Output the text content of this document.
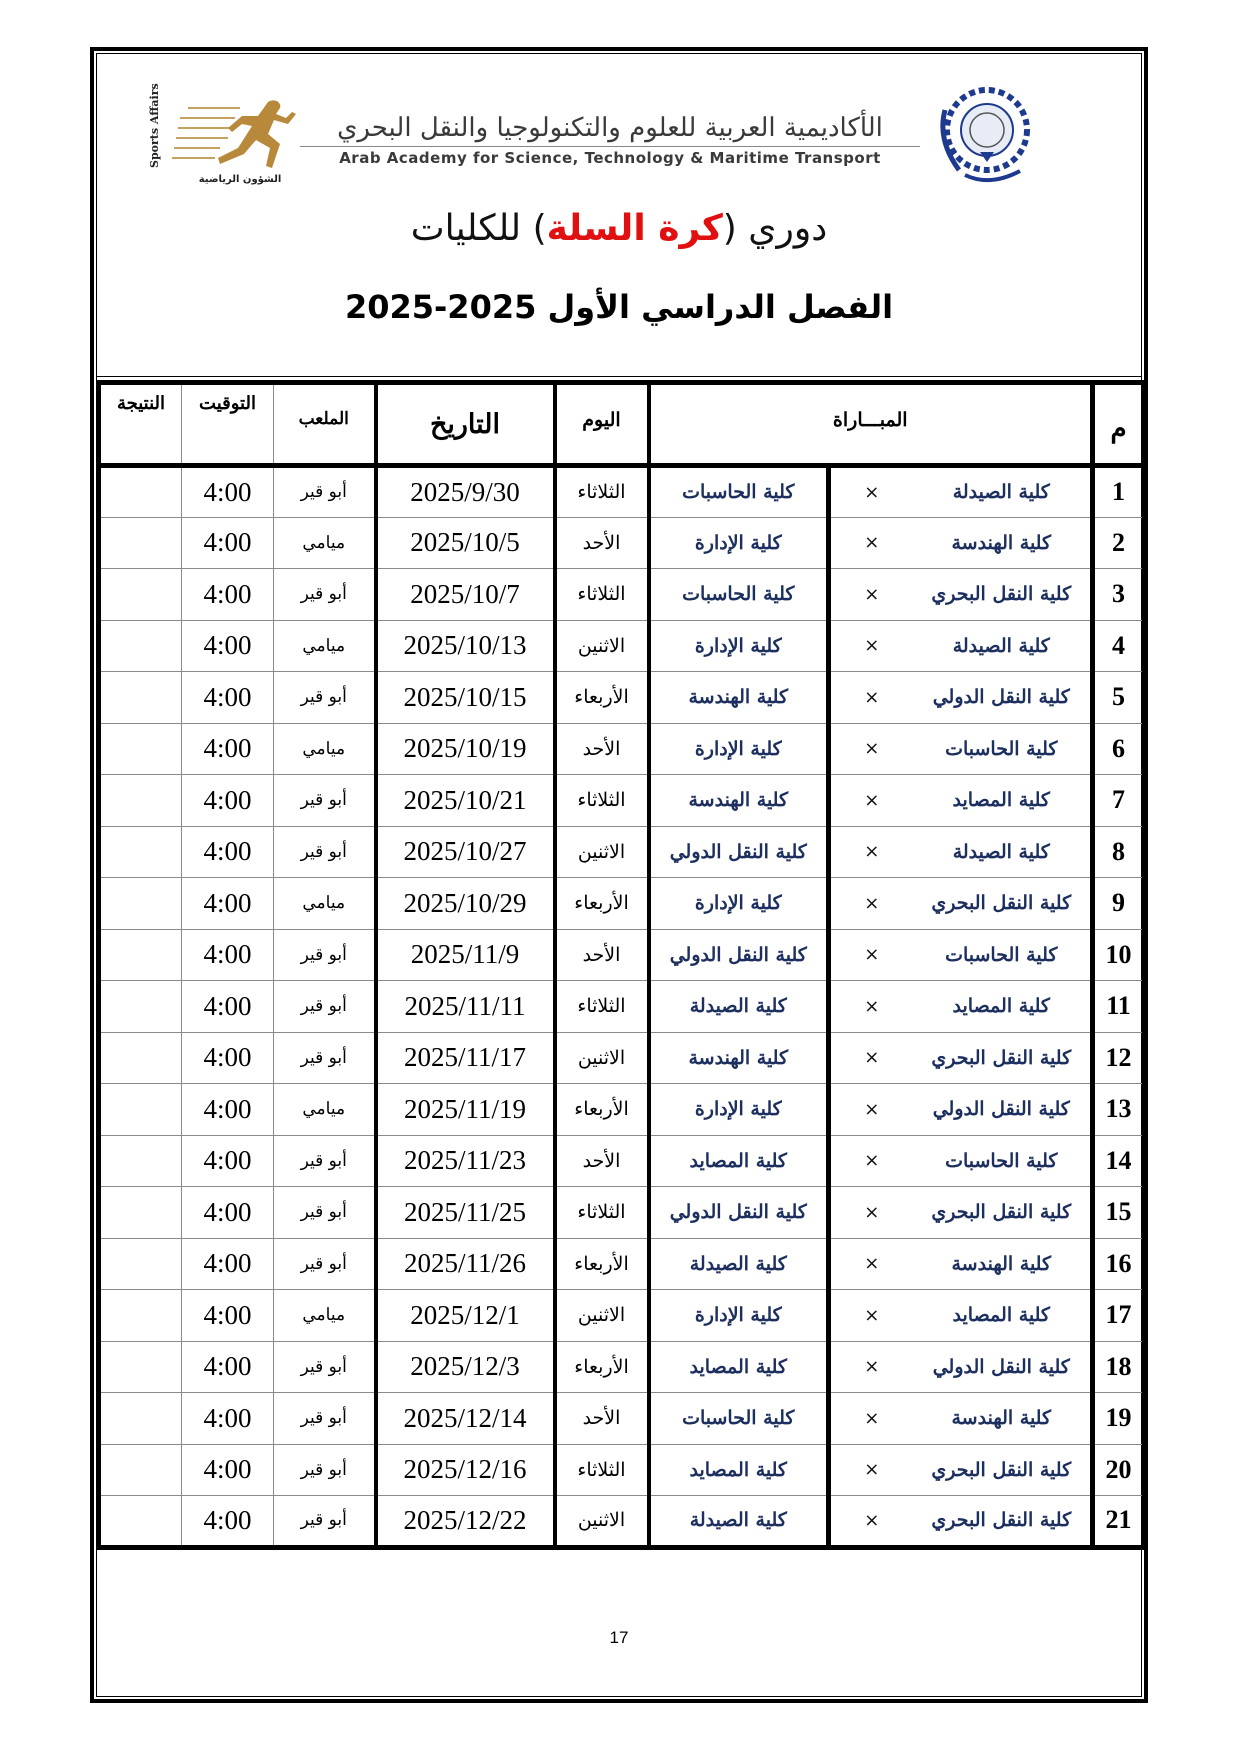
Sports Affairs
الشؤون الرياضية
الأكاديمية العربية للعلوم والتكنولوجيا والنقل البحري
Arab Academy for Science, Technology & Maritime Transport
دوري (كرة السلة) للكليات
الفصل الدراسي الأول 2025-2025
م	المبـــاراة			اليوم	التاريخ	الملعب	التوقيت	النتيجة
1	كلية الصيدلة	×	كلية الحاسبات	الثلاثاء	2025/9/30	أبو قير	4:00	
2	كلية الهندسة	×	كلية الإدارة	الأحد	2025/10/5	ميامي	4:00	
3	كلية النقل البحري	×	كلية الحاسبات	الثلاثاء	2025/10/7	أبو قير	4:00	
4	كلية الصيدلة	×	كلية الإدارة	الاثنين	2025/10/13	ميامي	4:00	
5	كلية النقل الدولي	×	كلية الهندسة	الأربعاء	2025/10/15	أبو قير	4:00	
6	كلية الحاسبات	×	كلية الإدارة	الأحد	2025/10/19	ميامي	4:00	
7	كلية المصايد	×	كلية الهندسة	الثلاثاء	2025/10/21	أبو قير	4:00	
8	كلية الصيدلة	×	كلية النقل الدولي	الاثنين	2025/10/27	أبو قير	4:00	
9	كلية النقل البحري	×	كلية الإدارة	الأربعاء	2025/10/29	ميامي	4:00	
10	كلية الحاسبات	×	كلية النقل الدولي	الأحد	2025/11/9	أبو قير	4:00	
11	كلية المصايد	×	كلية الصيدلة	الثلاثاء	2025/11/11	أبو قير	4:00	
12	كلية النقل البحري	×	كلية الهندسة	الاثنين	2025/11/17	أبو قير	4:00	
13	كلية النقل الدولي	×	كلية الإدارة	الأربعاء	2025/11/19	ميامي	4:00	
14	كلية الحاسبات	×	كلية المصايد	الأحد	2025/11/23	أبو قير	4:00	
15	كلية النقل البحري	×	كلية النقل الدولي	الثلاثاء	2025/11/25	أبو قير	4:00	
16	كلية الهندسة	×	كلية الصيدلة	الأربعاء	2025/11/26	أبو قير	4:00	
17	كلية المصايد	×	كلية الإدارة	الاثنين	2025/12/1	ميامي	4:00	
18	كلية النقل الدولي	×	كلية المصايد	الأربعاء	2025/12/3	أبو قير	4:00	
19	كلية الهندسة	×	كلية الحاسبات	الأحد	2025/12/14	أبو قير	4:00	
20	كلية النقل البحري	×	كلية المصايد	الثلاثاء	2025/12/16	أبو قير	4:00	
21	كلية النقل البحري	×	كلية الصيدلة	الاثنين	2025/12/22	أبو قير	4:00	
17
